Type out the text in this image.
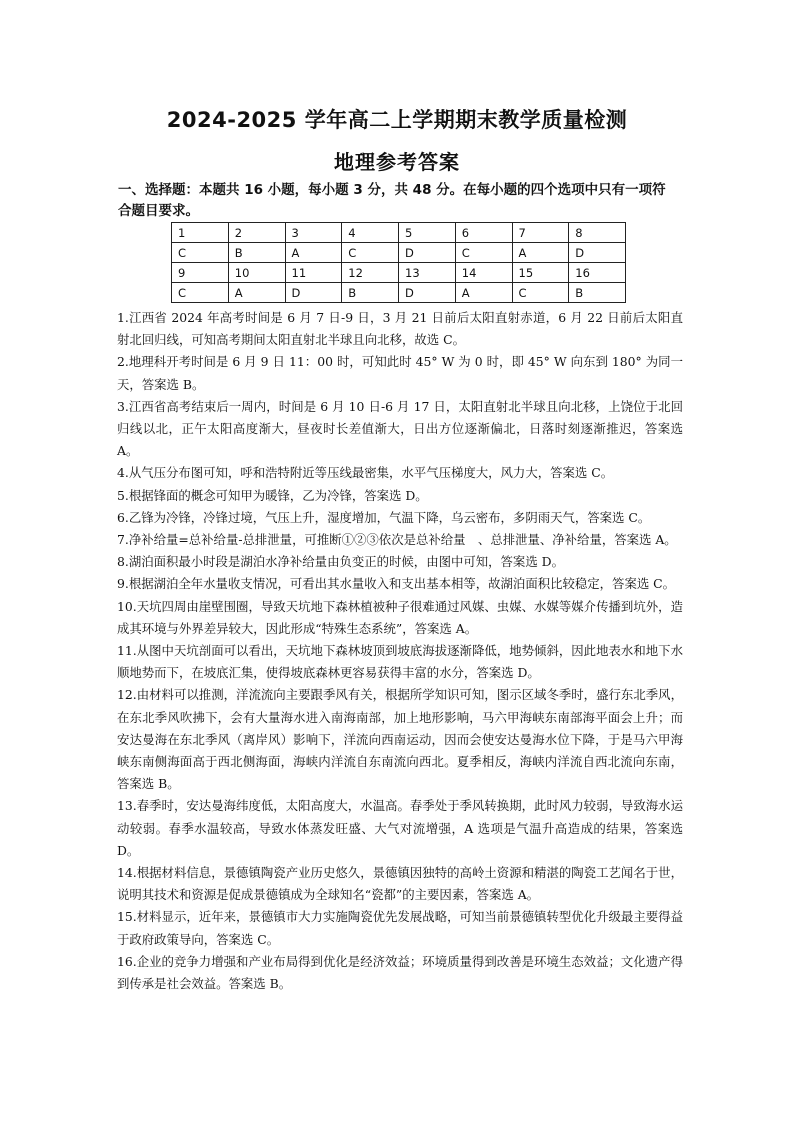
2024-2025 学年高二上学期期末教学质量检测
地理参考答案
一、选择题：本题共 16 小题，每小题 3 分，共 48 分。在每小题的四个选项中只有一项符合题目要求。
1	2	3	4	5	6	7	8
C	B	A	C	D	C	A	D
9	10	11	12	13	14	15	16
C	A	D	B	D	A	C	B

1.江西省 2024 年高考时间是 6 月 7 日-9 日，3 月 21 日前后太阳直射赤道，6 月 22 日前后太阳直射北回归线，可知高考期间太阳直射北半球且向北移，故选 C。

2.地理科开考时间是 6 月 9 日 11：00 时，可知此时 45° W 为 0 时，即 45° W 向东到 180° 为同一天，答案选 B。

3.江西省高考结束后一周内，时间是 6 月 10 日-6 月 17 日，太阳直射北半球且向北移，上饶位于北回归线以北，正午太阳高度渐大，昼夜时长差值渐大，日出方位逐渐偏北，日落时刻逐渐推迟，答案选 A。

4.从气压分布图可知，呼和浩特附近等压线最密集，水平气压梯度大，风力大，答案选 C。

5.根据锋面的概念可知甲为暖锋，乙为冷锋，答案选 D。

6.乙锋为冷锋，冷锋过境，气压上升，湿度增加，气温下降，乌云密布，多阴雨天气，答案选 C。

7.净补给量=总补给量-总排泄量，可推断①②③依次是总补给量　、总排泄量、净补给量，答案选 A。

8.湖泊面积最小时段是湖泊水净补给量由负变正的时候，由图中可知，答案选 D。

9.根据湖泊全年水量收支情况，可看出其水量收入和支出基本相等，故湖泊面积比较稳定，答案选 C。

10.天坑四周由崖壁围圈，导致天坑地下森林植被种子很难通过风媒、虫媒、水媒等媒介传播到坑外，造成其环境与外界差异较大，因此形成“特殊生态系统”，答案选 A。

11.从图中天坑剖面可以看出，天坑地下森林坡顶到坡底海拔逐渐降低，地势倾斜，因此地表水和地下水顺地势而下，在坡底汇集，使得坡底森林更容易获得丰富的水分，答案选 D。

12.由材料可以推测，洋流流向主要跟季风有关，根据所学知识可知，图示区域冬季时，盛行东北季风，在东北季风吹拂下，会有大量海水进入南海南部，加上地形影响，马六甲海峡东南部海平面会上升；而安达曼海在东北季风（离岸风）影响下，洋流向西南运动，因而会使安达曼海水位下降，于是马六甲海峡东南侧海面高于西北侧海面，海峡内洋流自东南流向西北。夏季相反，海峡内洋流自西北流向东南，答案选 B。

13.春季时，安达曼海纬度低，太阳高度大，水温高。春季处于季风转换期，此时风力较弱，导致海水运动较弱。春季水温较高，导致水体蒸发旺盛、大气对流增强，A 选项是气温升高造成的结果，答案选 D。

14.根据材料信息，景德镇陶瓷产业历史悠久，景德镇因独特的高岭土资源和精湛的陶瓷工艺闻名于世，说明其技术和资源是促成景德镇成为全球知名“瓷都”的主要因素，答案选 A。

15.材料显示，近年来，景德镇市大力实施陶瓷优先发展战略，可知当前景德镇转型优化升级最主要得益于政府政策导向，答案选 C。

16.企业的竞争力增强和产业布局得到优化是经济效益；环境质量得到改善是环境生态效益；文化遗产得到传承是社会效益。答案选 B。
